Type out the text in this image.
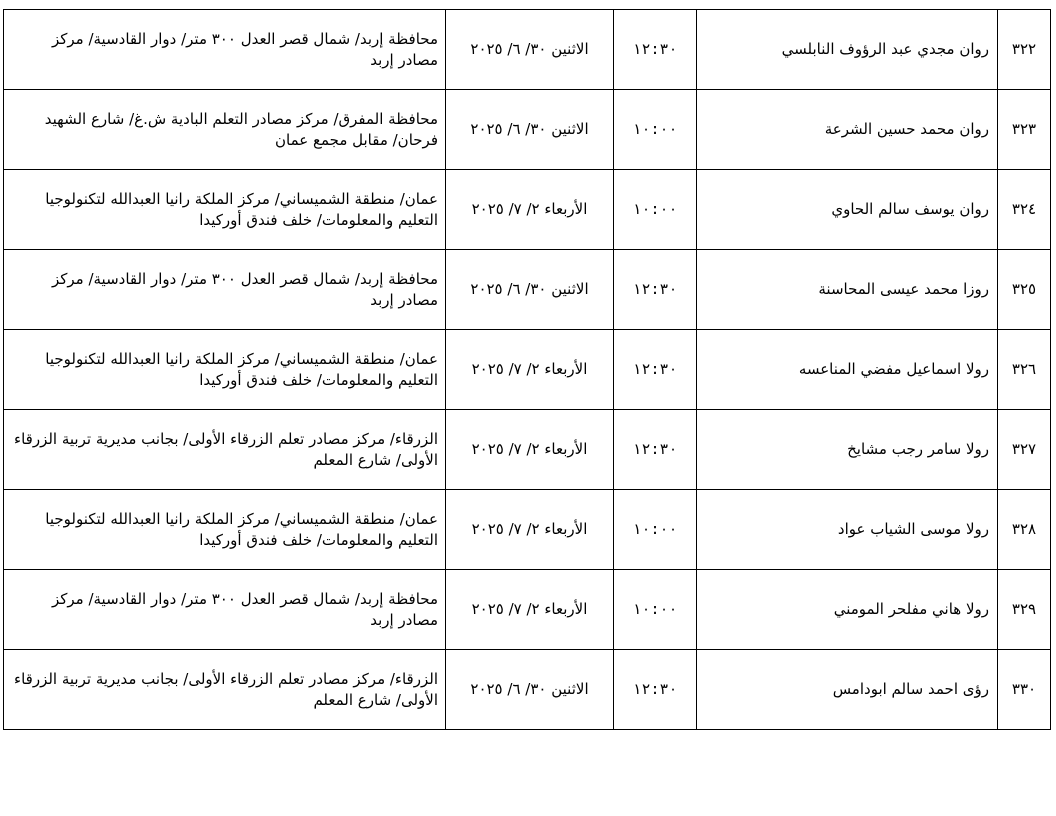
٣٢٢	روان مجدي عبد الرؤوف النابلسي	١٢:٣٠	الاثنين ٣٠/ ٦/ ٢٠٢٥	محافظة إربد/ شمال قصر العدل ٣٠٠ متر/ دوار القادسية/ مركز مصادر إربد
٣٢٣	روان محمد حسين الشرعة	١٠:٠٠	الاثنين ٣٠/ ٦/ ٢٠٢٥	محافظة المفرق/ مركز مصادر التعلم البادية ش.غ/ شارع الشهيد فرحان/ مقابل مجمع عمان
٣٢٤	روان يوسف سالم الحاوي	١٠:٠٠	الأربعاء ٢/ ٧/ ٢٠٢٥	عمان/ منطقة الشميساني/ مركز الملكة رانيا العبدالله لتكنولوجيا التعليم والمعلومات/ خلف فندق أوركيدا
٣٢٥	روزا محمد عيسى المحاسنة	١٢:٣٠	الاثنين ٣٠/ ٦/ ٢٠٢٥	محافظة إربد/ شمال قصر العدل ٣٠٠ متر/ دوار القادسية/ مركز مصادر إربد
٣٢٦	رولا اسماعيل مفضي المناعسه	١٢:٣٠	الأربعاء ٢/ ٧/ ٢٠٢٥	عمان/ منطقة الشميساني/ مركز الملكة رانيا العبدالله لتكنولوجيا التعليم والمعلومات/ خلف فندق أوركيدا
٣٢٧	رولا سامر رجب مشايخ	١٢:٣٠	الأربعاء ٢/ ٧/ ٢٠٢٥	الزرقاء/ مركز مصادر تعلم الزرقاء الأولى/ بجانب مديرية تربية الزرقاء الأولى/ شارع المعلم
٣٢٨	رولا موسى الشياب عواد	١٠:٠٠	الأربعاء ٢/ ٧/ ٢٠٢٥	عمان/ منطقة الشميساني/ مركز الملكة رانيا العبدالله لتكنولوجيا التعليم والمعلومات/ خلف فندق أوركيدا
٣٢٩	رولا هاني مفلحر المومني	١٠:٠٠	الأربعاء ٢/ ٧/ ٢٠٢٥	محافظة إربد/ شمال قصر العدل ٣٠٠ متر/ دوار القادسية/ مركز مصادر إربد
٣٣٠	رؤى احمد سالم ابودامس	١٢:٣٠	الاثنين ٣٠/ ٦/ ٢٠٢٥	الزرقاء/ مركز مصادر تعلم الزرقاء الأولى/ بجانب مديرية تربية الزرقاء الأولى/ شارع المعلم
